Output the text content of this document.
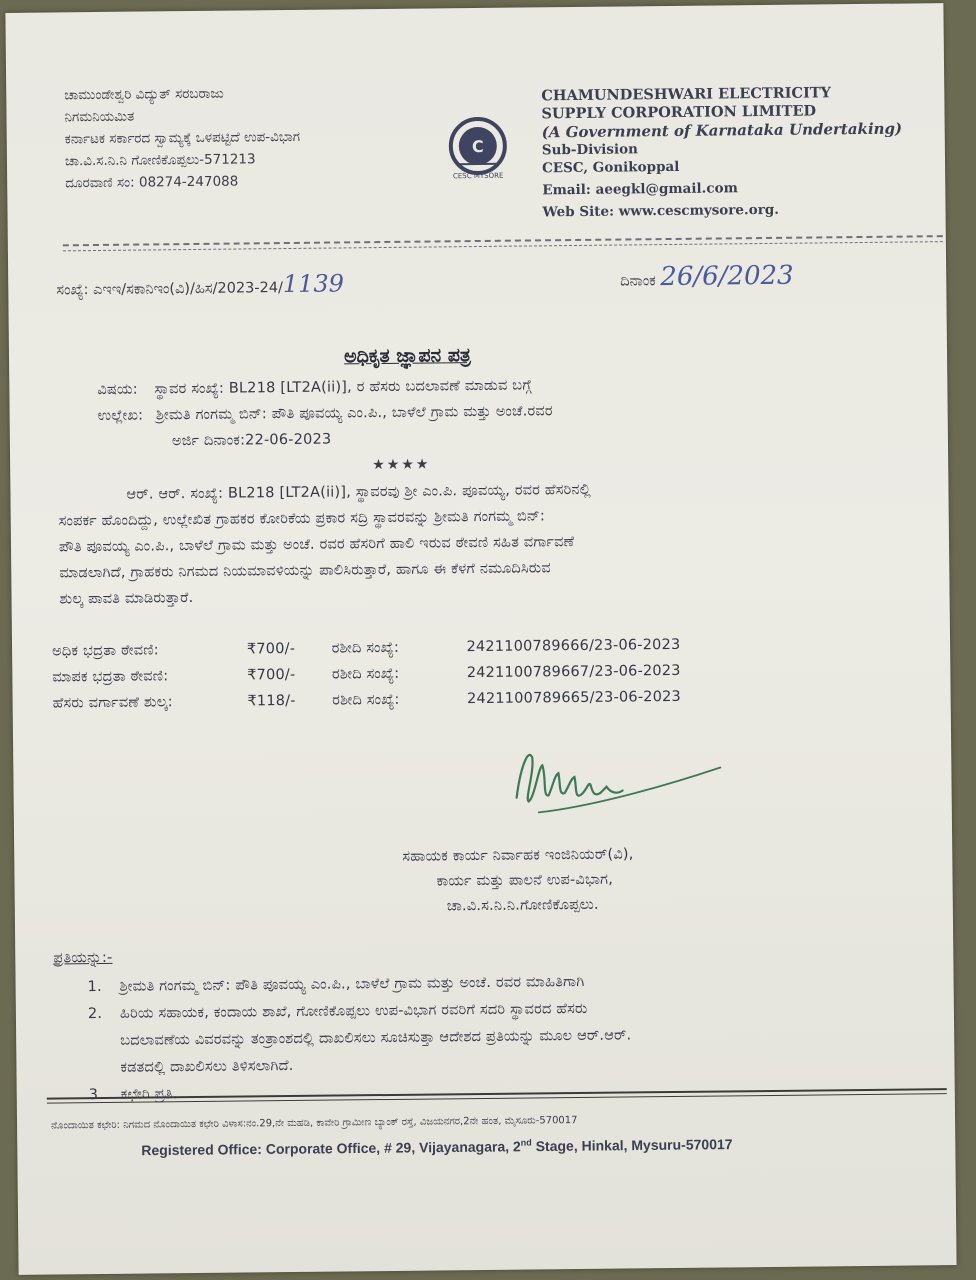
ಚಾಮುಂಡೇಶ್ವರಿ ವಿದ್ಯುತ್ ಸರಬರಾಜು
ನಿಗಮನಿಯಮಿತ
ಕರ್ನಾಟಕ ಸರ್ಕಾರದ ಸ್ವಾಮ್ಯಕ್ಕೆ ಒಳಪಟ್ಟಿದೆ ಉಪ-ವಿಭಾಗ
ಚಾ.ವಿ.ಸ.ನಿ.ನಿ ಗೋಣಿಕೊಪ್ಪಲು-571213
ದೂರವಾಣಿ ಸಂ: 08274-247088
C
CESC MYSORE
CHAMUNDESHWARI ELECTRICITY
SUPPLY CORPORATION LIMITED
(A Government of Karnataka Undertaking)
Sub-Division
CESC, Gonikoppal
Email: aeegkl@gmail.com
Web Site: www.cescmysore.org.
ಸಂಖ್ಯೆ: ಎಇಇ/ಸಕಾನಿಇಂ(ವಿ)/ಹಿಸ/2023-24/1139	ದಿನಾಂಕ 26/6/2023
ಅಧಿಕೃತ ಜ್ಞಾಪನ ಪತ್ರ
ವಿಷಯ: ಸ್ಥಾವರ ಸಂಖ್ಯೆ: BL218 [LT2A(ii)], ರ ಹೆಸರು ಬದಲಾವಣೆ ಮಾಡುವ ಬಗ್ಗೆ
ಉಲ್ಲೇಖ: ಶ್ರೀಮತಿ ಗಂಗಮ್ಮ ಬಿನ್: ಪೌತಿ ಪೂವಯ್ಯ ಎಂ.ಪಿ., ಬಾಳೆಲೆ ಗ್ರಾಮ ಮತ್ತು ಅಂಚೆ.ರವರ
ಅರ್ಜಿ ದಿನಾಂಕ:22-06-2023
★★★★
ಆರ್. ಆರ್. ಸಂಖ್ಯೆ: BL218 [LT2A(ii)], ಸ್ಥಾವರವು ಶ್ರೀ ಎಂ.ಪಿ. ಪೂವಯ್ಯ, ರವರ ಹೆಸರಿನಲ್ಲಿ
ಸಂಪರ್ಕ ಹೊಂದಿದ್ದು, ಉಲ್ಲೇಖಿತ ಗ್ರಾಹಕರ ಕೋರಿಕೆಯ ಪ್ರಕಾರ ಸದ್ರಿ ಸ್ಥಾವರವನ್ನು ಶ್ರೀಮತಿ ಗಂಗಮ್ಮ ಬಿನ್:
ಪೌತಿ ಪೂವಯ್ಯ ಎಂ.ಪಿ., ಬಾಳೆಲೆ ಗ್ರಾಮ ಮತ್ತು ಅಂಚೆ. ರವರ ಹೆಸರಿಗೆ ಹಾಲಿ ಇರುವ ಠೇವಣಿ ಸಹಿತ ವರ್ಗಾವಣೆ
ಮಾಡಲಾಗಿದೆ, ಗ್ರಾಹಕರು ನಿಗಮದ ನಿಯಮಾವಳಿಯನ್ನು ಪಾಲಿಸಿರುತ್ತಾರೆ, ಹಾಗೂ ಈ ಕೆಳಗೆ ನಮೂದಿಸಿರುವ
ಶುಲ್ಕ ಪಾವತಿ ಮಾಡಿರುತ್ತಾರೆ.
ಅಧಿಕ ಭದ್ರತಾ ಠೇವಣಿ:	₹700/-	ರಶೀದಿ ಸಂಖ್ಯೆ:	2421100789666/23-06-2023
ಮಾಪಕ ಭದ್ರತಾ ಠೇವಣಿ:	₹700/-	ರಶೀದಿ ಸಂಖ್ಯೆ:	2421100789667/23-06-2023
ಹೆಸರು ವರ್ಗಾವಣೆ ಶುಲ್ಕ:	₹118/-	ರಶೀದಿ ಸಂಖ್ಯೆ:	2421100789665/23-06-2023
ಸಹಾಯಕ ಕಾರ್ಯ ನಿರ್ವಾಹಕ ಇಂಜಿನಿಯರ್(ವಿ),
ಕಾರ್ಯ ಮತ್ತು ಪಾಲನೆ ಉಪ-ವಿಭಾಗ,
ಚಾ.ವಿ.ಸ.ನಿ.ನಿ.ಗೋಣಿಕೊಪ್ಪಲು.
ಪ್ರತಿಯನ್ನು:-
1. ಶ್ರೀಮತಿ ಗಂಗಮ್ಮ ಬಿನ್: ಪೌತಿ ಪೂವಯ್ಯ ಎಂ.ಪಿ., ಬಾಳೆಲೆ ಗ್ರಾಮ ಮತ್ತು ಅಂಚೆ. ರವರ ಮಾಹಿತಿಗಾಗಿ
2. ಹಿರಿಯ ಸಹಾಯಕ, ಕಂದಾಯ ಶಾಖೆ, ಗೋಣಿಕೊಪ್ಪಲು ಉಪ-ವಿಭಾಗ ರವರಿಗೆ ಸದರಿ ಸ್ಥಾವರದ ಹೆಸರು
ಬದಲಾವಣೆಯ ವಿವರವನ್ನು ತಂತ್ರಾಂಶದಲ್ಲಿ ದಾಖಲಿಸಲು ಸೂಚಿಸುತ್ತಾ ಆದೇಶದ ಪ್ರತಿಯನ್ನು ಮೂಲ ಆರ್.ಆರ್.
ಕಡತದಲ್ಲಿ ದಾಖಲಿಸಲು ತಿಳಿಸಲಾಗಿದೆ.
3. ಕಛೇರಿ ಪ್ರತಿ.
ನೊಂದಾಯಿತ ಕಛೇರಿ: ನಿಗಮದ ನೊಂದಾಯಿತ ಕಛೇರಿ ವಿಳಾಸ:ನಂ.29,ನೇ ಮಹಡಿ, ಕಾವೇರಿ ಗ್ರಾಮೀಣ ಬ್ಯಾಂಕ್ ರಸ್ತೆ, ವಿಜಯನಗರ,2ನೇ ಹಂತ, ಮೈಸೂರು-570017
Registered Office: Corporate Office, # 29, Vijayanagara, 2nd Stage, Hinkal, Mysuru-570017
